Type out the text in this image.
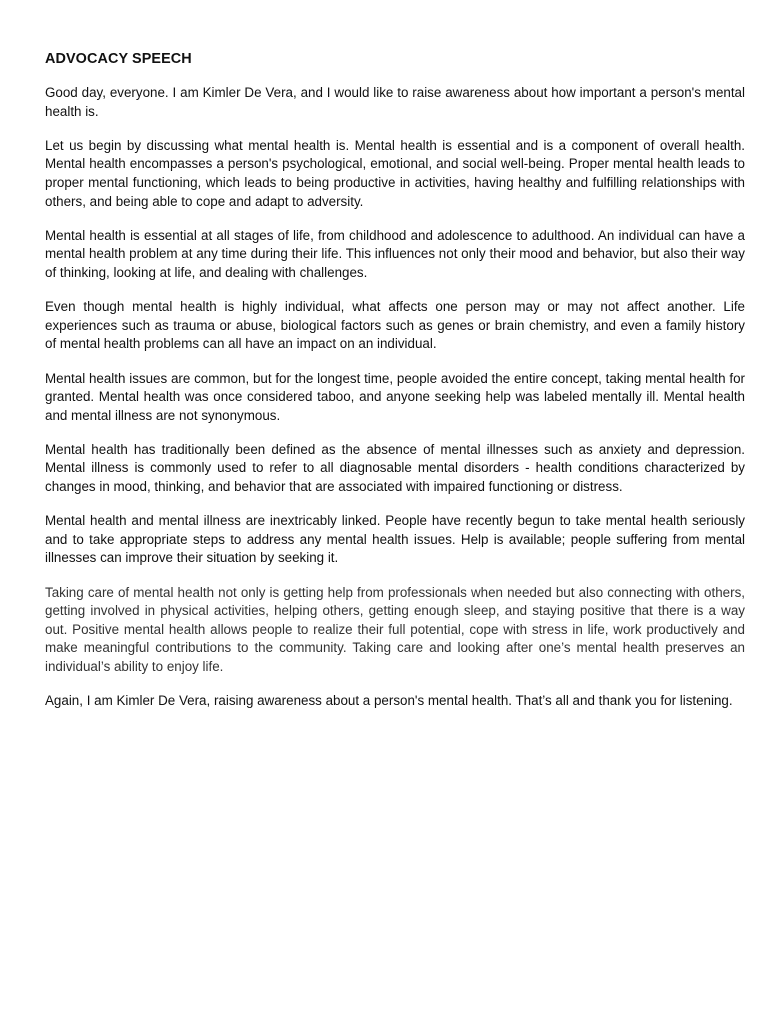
ADVOCACY SPEECH

Good day, everyone. I am Kimler De Vera, and I would like to raise awareness about how important a person's mental health is.

Let us begin by discussing what mental health is. Mental health is essential and is a component of overall health. Mental health encompasses a person's psychological, emotional, and social well-being. Proper mental health leads to proper mental functioning, which leads to being productive in activities, having healthy and fulfilling relationships with others, and being able to cope and adapt to adversity.

Mental health is essential at all stages of life, from childhood and adolescence to adulthood. An individual can have a mental health problem at any time during their life. This influences not only their mood and behavior, but also their way of thinking, looking at life, and dealing with challenges.

Even though mental health is highly individual, what affects one person may or may not affect another. Life experiences such as trauma or abuse, biological factors such as genes or brain chemistry, and even a family history of mental health problems can all have an impact on an individual.

Mental health issues are common, but for the longest time, people avoided the entire concept, taking mental health for granted. Mental health was once considered taboo, and anyone seeking help was labeled mentally ill. Mental health and mental illness are not synonymous.

Mental health has traditionally been defined as the absence of mental illnesses such as anxiety and depression. Mental illness is commonly used to refer to all diagnosable mental disorders - health conditions characterized by changes in mood, thinking, and behavior that are associated with impaired functioning or distress.

Mental health and mental illness are inextricably linked. People have recently begun to take mental health seriously and to take appropriate steps to address any mental health issues. Help is available; people suffering from mental illnesses can improve their situation by seeking it.

Taking care of mental health not only is getting help from professionals when needed but also connecting with others, getting involved in physical activities, helping others, getting enough sleep, and staying positive that there is a way out. Positive mental health allows people to realize their full potential, cope with stress in life, work productively and make meaningful contributions to the community. Taking care and looking after one’s mental health preserves an individual’s ability to enjoy life.

Again, I am Kimler De Vera, raising awareness about a person's mental health. That’s all and thank you for listening.
